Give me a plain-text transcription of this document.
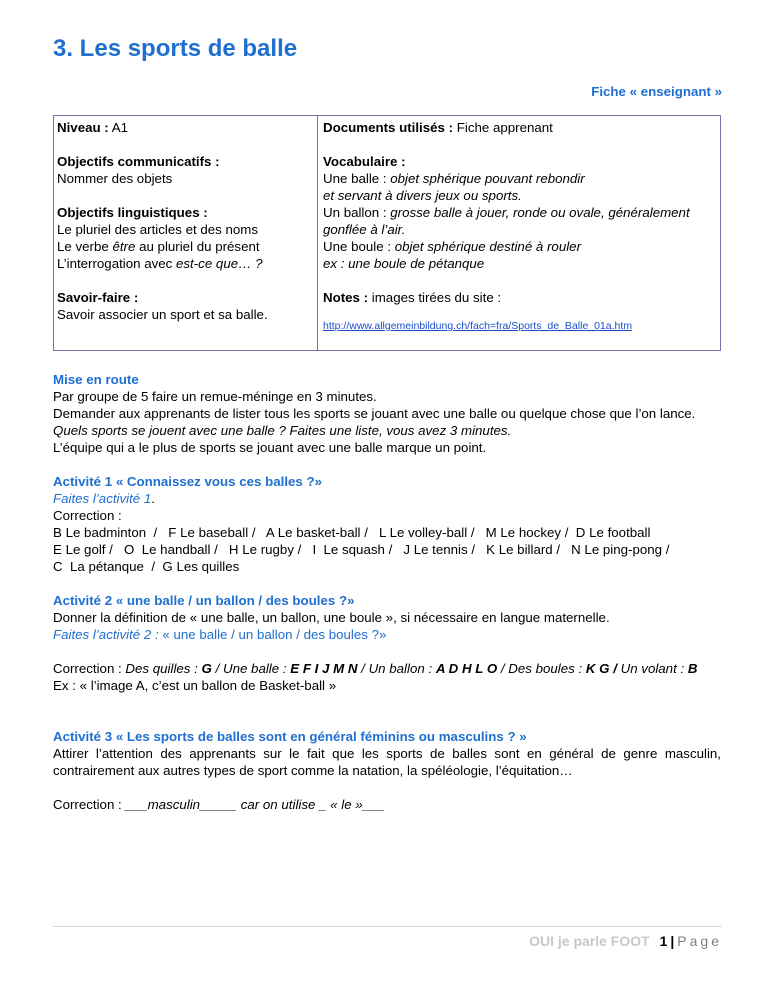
3. Les sports de balle
Fiche « enseignant »

Niveau : A1

Objectifs communicatifs :

Nommer des objets

Objectifs linguistiques :

Le pluriel des articles et des noms

Le verbe être au pluriel du présent

L’interrogation avec est-ce que… ?

Savoir-faire :

Savoir associer un sport et sa balle.

Documents utilisés : Fiche apprenant

Vocabulaire :

Une balle : objet sphérique pouvant rebondir

et servant à divers jeux ou sports.

Un ballon : grosse balle à jouer, ronde ou ovale, généralement

gonflée à l’air.

Une boule : objet sphérique destiné à rouler

ex : une boule de pétanque

Notes : images tirées du site :

http://www.allgemeinbildung.ch/fach=fra/Sports_de_Balle_01a.htm

Mise en route

Par groupe de 5 faire un remue-méninge en 3 minutes.

Demander aux apprenants de lister tous les sports se jouant avec une balle ou quelque chose que l’on lance.

Quels sports se jouent avec une balle ? Faites une liste, vous avez 3 minutes.

L’équipe qui a le plus de sports se jouant avec une balle marque un point.

Activité 1 « Connaissez vous ces balles ?»

Faites l’activité 1.

Correction :

B Le badminton  /   F Le baseball /   A Le basket-ball /   L Le volley-ball /   M Le hockey /  D Le football

E Le golf /   O  Le handball /   H Le rugby /   I  Le squash /   J Le tennis /   K Le billard /   N Le ping-pong /

C  La pétanque  /  G Les quilles

Activité 2 « une balle / un ballon / des boules ?»

Donner la définition de « une balle, un ballon, une boule », si nécessaire en langue maternelle.

Faites l’activité 2 : « une balle / un ballon / des boules ?»

Correction : Des quilles : G / Une balle : E F I J M N / Un ballon : A D H L O / Des boules : K G / Un volant : B

Ex : « l’image A, c’est un ballon de Basket-ball »

Activité 3 « Les sports de balles sont en général féminins ou masculins ? »

Attirer l’attention des apprenants sur le fait que les sports de balles sont en général de genre masculin, contrairement aux autres types de sport comme la natation, la spéléologie, l’équitation…

Correction : ___masculin_____ car on utilise _ « le »___

OUI je parle FOOT 1 | Page
